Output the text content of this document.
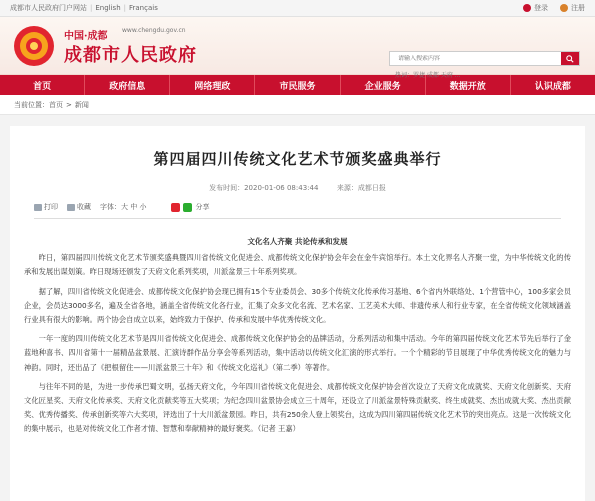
成都市人民政府门户网站 | English | Français	登录	注册
中国·成都
www.chengdu.gov.cn
成都市人民政府
请输入搜索内容
热词：罗捷 成都 天府 ...
首页	政府信息	网络理政	市民服务	企业服务	数据开放	认识成都
当前位置： 首页 > 新闻
第四届四川传统文化艺术节颁奖盛典举行
发布时间：2020-01-06 08:43:44	来源：成都日报
打印	收藏 字体：大 中 小	分享
文化名人齐聚 共论传承和发展

昨日，第四届四川传统文化艺术节颁奖盛典暨四川省传统文化促进会、成都传统文化保护协会年会在金牛宾馆举行。本土文化界名人齐聚一堂，为中华传统文化的传承和发展出谋划策。昨日现场还颁发了天府文化系列奖项，川派盆景三十年系列奖项。

据了解，四川省传统文化促进会、成都传统文化保护协会现已拥有15个专业委员会、30多个传统文化传承传习基地、6个省内外联络处、1个营管中心，100多家会员企业，会员达3000多名，遍及全省各地，涵盖全省传统文化各行业，汇集了众多文化名流、艺术名家、工艺美术大师、非遗传承人和行业专家，在全省传统文化领域涵盖行业具有很大的影响。两个协会自成立以来，始终致力于保护、传承和发展中华优秀传统文化。

一年一度的四川传统文化艺术节是四川省传统文化促进会、成都传统文化保护协会的品牌活动，分系列活动和集中活动。今年的第四届传统文化艺术节先后举行了金蓝地种喜书、四川省第十一届精品盆景展、汇演诗群作品分享会等系列活动，集中活动以传统文化汇演的形式举行。一个个精彩的节目展现了中华优秀传统文化的魅力与神韵。同时，还出品了《把根留住——川派盆景三十年》和《传统文化巡礼》（第二季）等著作。

与往年不同的是，为进一步传承巴蜀文明，弘扬天府文化，今年四川省传统文化促进会、成都传统文化保护协会首次设立了天府文化成就奖、天府文化创新奖、天府文化匠星奖、天府文化传承奖、天府文化贡献奖等五大奖项；为纪念四川盆景协会成立三十周年，还设立了川派盆景特殊贡献奖、终生成就奖、杰出成就大奖、杰出贡献奖、优秀传播奖、传承创新奖等六大奖项，评选出了十大川派盆景园。昨日，共有250余人登上领奖台，这成为四川第四届传统文化艺术节的突出亮点。这是一次传统文化的集中展示，也是对传统文化工作者才情、智慧和奉献精神的最好褒奖。（记者 王嘉）
